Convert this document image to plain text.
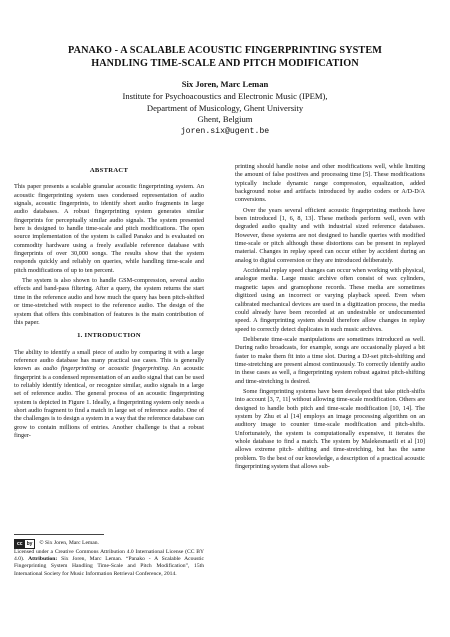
PANAKO - A SCALABLE ACOUSTIC FINGERPRINTING SYSTEM
HANDLING TIME-SCALE AND PITCH MODIFICATION
Six Joren, Marc Leman
Institute for Psychoacoustics and Electronic Music (IPEM),
Department of Musicology, Ghent University
Ghent, Belgium
joren.six@ugent.be
ABSTRACT

This paper presents a scalable granular acoustic fingerprinting system. An acoustic fingerprinting system uses condensed representation of audio signals, acoustic fingerprints, to identify short audio fragments in large audio databases. A robust fingerprinting system generates similar fingerprints for perceptually similar audio signals. The system presented here is designed to handle time-scale and pitch modifications. The open source implementation of the system is called Panako and is evaluated on commodity hardware using a freely available reference database with fingerprints of over 30,000 songs. The results show that the system responds quickly and reliably on queries, while handling time-scale and pitch modifications of up to ten percent.

The system is also shown to handle GSM-compression, several audio effects and band-pass filtering. After a query, the system returns the start time in the reference audio and how much the query has been pitch-shifted or time-stretched with respect to the reference audio. The design of the system that offers this combination of features is the main contribution of this paper.

1. INTRODUCTION

The ability to identify a small piece of audio by comparing it with a large reference audio database has many practical use cases. This is generally known as audio fingerprinting or acoustic fingerprinting. An acoustic fingerprint is a condensed representation of an audio signal that can be used to reliably identify identical, or recognize similar, audio signals in a large set of reference audio. The general process of an acoustic fingerprinting system is depicted in Figure 1. Ideally, a fingerprinting system only needs a short audio fragment to find a match in large set of reference audio. One of the challenges is to design a system in a way that the reference database can grow to contain millions of entries. Another challenge is that a robust finger-

cc by	© Six Joren, Marc Leman.

Licensed under a Creative Commons Attribution 4.0 International License (CC BY 4.0). Attribution: Six Joren, Marc Leman. “Panako - A Scalable Acoustic Fingerprinting System Handling Time-Scale and Pitch Modification”, 15th International Society for Music Information Retrieval Conference, 2014.

printing should handle noise and other modifications well, while limiting the amount of false positives and processing time [5]. These modifications typically include dynamic range compression, equalization, added background noise and artifacts introduced by audio coders or A/D-D/A conversions.

Over the years several efficient acoustic fingerprinting methods have been introduced [1, 6, 8, 13]. These methods perform well, even with degraded audio quality and with industrial sized reference databases. However, these systems are not designed to handle queries with modified time-scale or pitch although these distortions can be present in replayed material. Changes in replay speed can occur either by accident during an analog to digital conversion or they are introduced deliberately.

Accidental replay speed changes can occur when working with physical, analogue media. Large music archive often consist of wax cylinders, magnetic tapes and gramophone records. These media are sometimes digitized using an incorrect or varying playback speed. Even when calibrated mechanical devices are used in a digitization process, the media could already have been recorded at an undesirable or undocumented speed. A fingerprinting system should therefore allow changes in replay speed to correctly detect duplicates in such music archives.

Deliberate time-scale manipulations are sometimes introduced as well. During radio broadcasts, for example, songs are occasionally played a bit faster to make them fit into a time slot. During a DJ-set pitch-shifting and time-stretching are present almost continuously. To correctly identify audio in these cases as well, a fingerprinting system robust against pitch-shifting and time-stretching is desired.

Some fingerprinting systems have been developed that take pitch-shifts into account [3, 7, 11] without allowing time-scale modification. Others are designed to handle both pitch and time-scale modification [10, 14]. The system by Zhu et al [14] employs an image processing algorithm on an auditory image to counter time-scale modification and pitch-shifts. Unfortunately, the system is computationally expensive, it iterates the whole database to find a match. The system by Malekesmaeili et al [10] allows extreme pitch- shifting and time-stretching, but has the same problem. To the best of our knowledge, a description of a practical acoustic fingerprinting system that allows sub-
